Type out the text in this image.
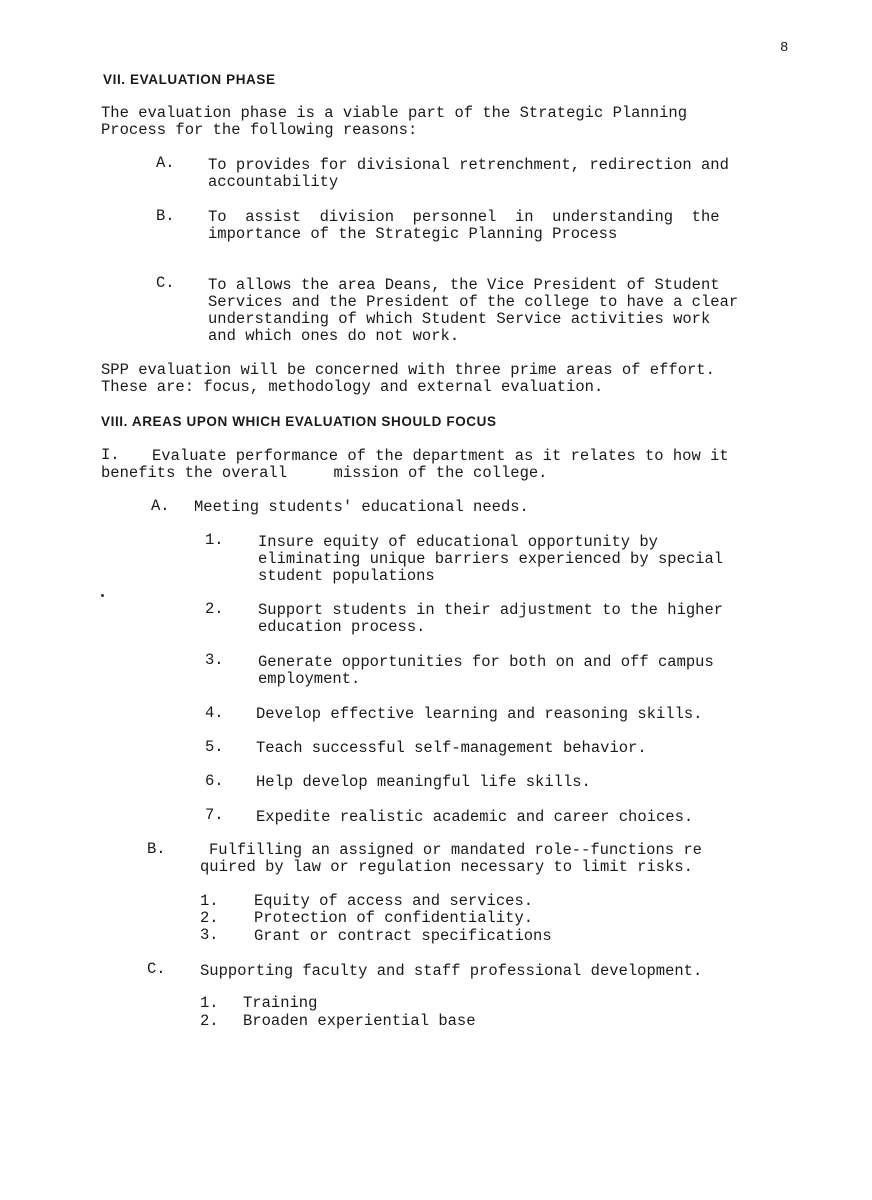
8
VII. EVALUATION PHASE
The evaluation phase is a viable part of the Strategic Planning
Process for the following reasons:
A. To provides for divisional retrenchment, redirection and
accountability
B. To  assist  division  personnel  in  understanding  the
importance of the Strategic Planning Process
C. To allows the area Deans, the Vice President of Student
Services and the President of the college to have a clear
understanding of which Student Service activities work
and which ones do not work.
SPP evaluation will be concerned with three prime areas of effort.
These are: focus, methodology and external evaluation.
VIII. AREAS UPON WHICH EVALUATION SHOULD FOCUS
I. Evaluate performance of the department as it relates to how it
benefits the overall     mission of the college.
A. Meeting students' educational needs.
1. Insure equity of educational opportunity by
eliminating unique barriers experienced by special
student populations
2. Support students in their adjustment to the higher
education process.
3. Generate opportunities for both on and off campus
employment.
4. Develop effective learning and reasoning skills.
5. Teach successful self-management behavior.
6. Help develop meaningful life skills.
7. Expedite realistic academic and career choices.
B.	Fulfilling an assigned or mandated role--functions re
quired by law or regulation necessary to limit risks.
1. Equity of access and services.
2. Protection of confidentiality.
3. Grant or contract specifications
C. Supporting faculty and staff professional development.
1. Training
2. Broaden experiential base
